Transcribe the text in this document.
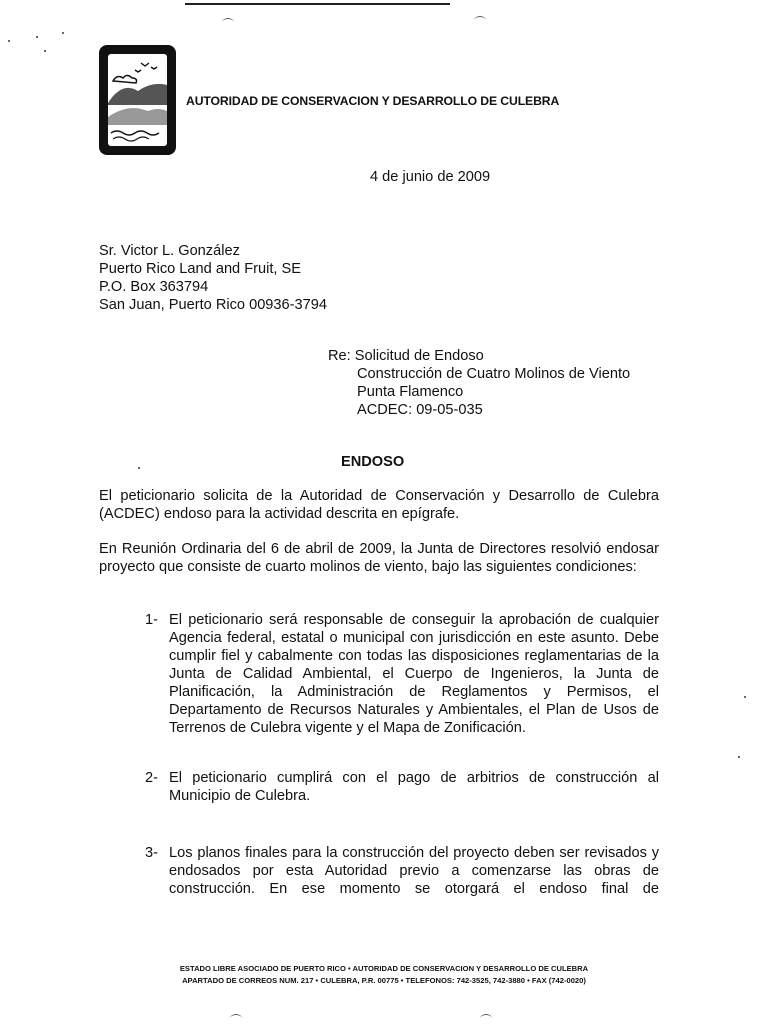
AUTORIDAD DE CONSERVACION Y DESARROLLO DE CULEBRA
4 de junio de 2009
Sr. Victor L. González
Puerto Rico Land and Fruit, SE
P.O. Box 363794
San Juan, Puerto Rico 00936-3794
Re: Solicitud de Endoso
Construcción de Cuatro Molinos de Viento
Punta Flamenco
ACDEC: 09-05-035
ENDOSO
El peticionario solicita de la Autoridad de Conservación y Desarrollo de Culebra (ACDEC) endoso para la actividad descrita en epígrafe.
En Reunión Ordinaria del 6 de abril de 2009, la Junta de Directores resolvió endosar proyecto que consiste de cuarto molinos de viento, bajo las siguientes condiciones:
1- El peticionario será responsable de conseguir la aprobación de cualquier Agencia federal, estatal o municipal con jurisdicción en este asunto. Debe cumplir fiel y cabalmente con todas las disposiciones reglamentarias de la Junta de Calidad Ambiental, el Cuerpo de Ingenieros, la Junta de Planificación, la Administración de Reglamentos y Permisos, el Departamento de Recursos Naturales y Ambientales, el Plan de Usos de Terrenos de Culebra vigente y el Mapa de Zonificación.
2- El peticionario cumplirá con el pago de arbitrios de construcción al Municipio de Culebra.
3- Los planos finales para la construcción del proyecto deben ser revisados y endosados por esta Autoridad previo a comenzarse las obras de construcción. En ese momento se otorgará el endoso final de
ESTADO LIBRE ASOCIADO DE PUERTO RICO • AUTORIDAD DE CONSERVACION Y DESARROLLO DE CULEBRA
APARTADO DE CORREOS NUM. 217 • CULEBRA, P.R. 00775 • TELEFONOS: 742-3525, 742-3880 • FAX (742-0020)
